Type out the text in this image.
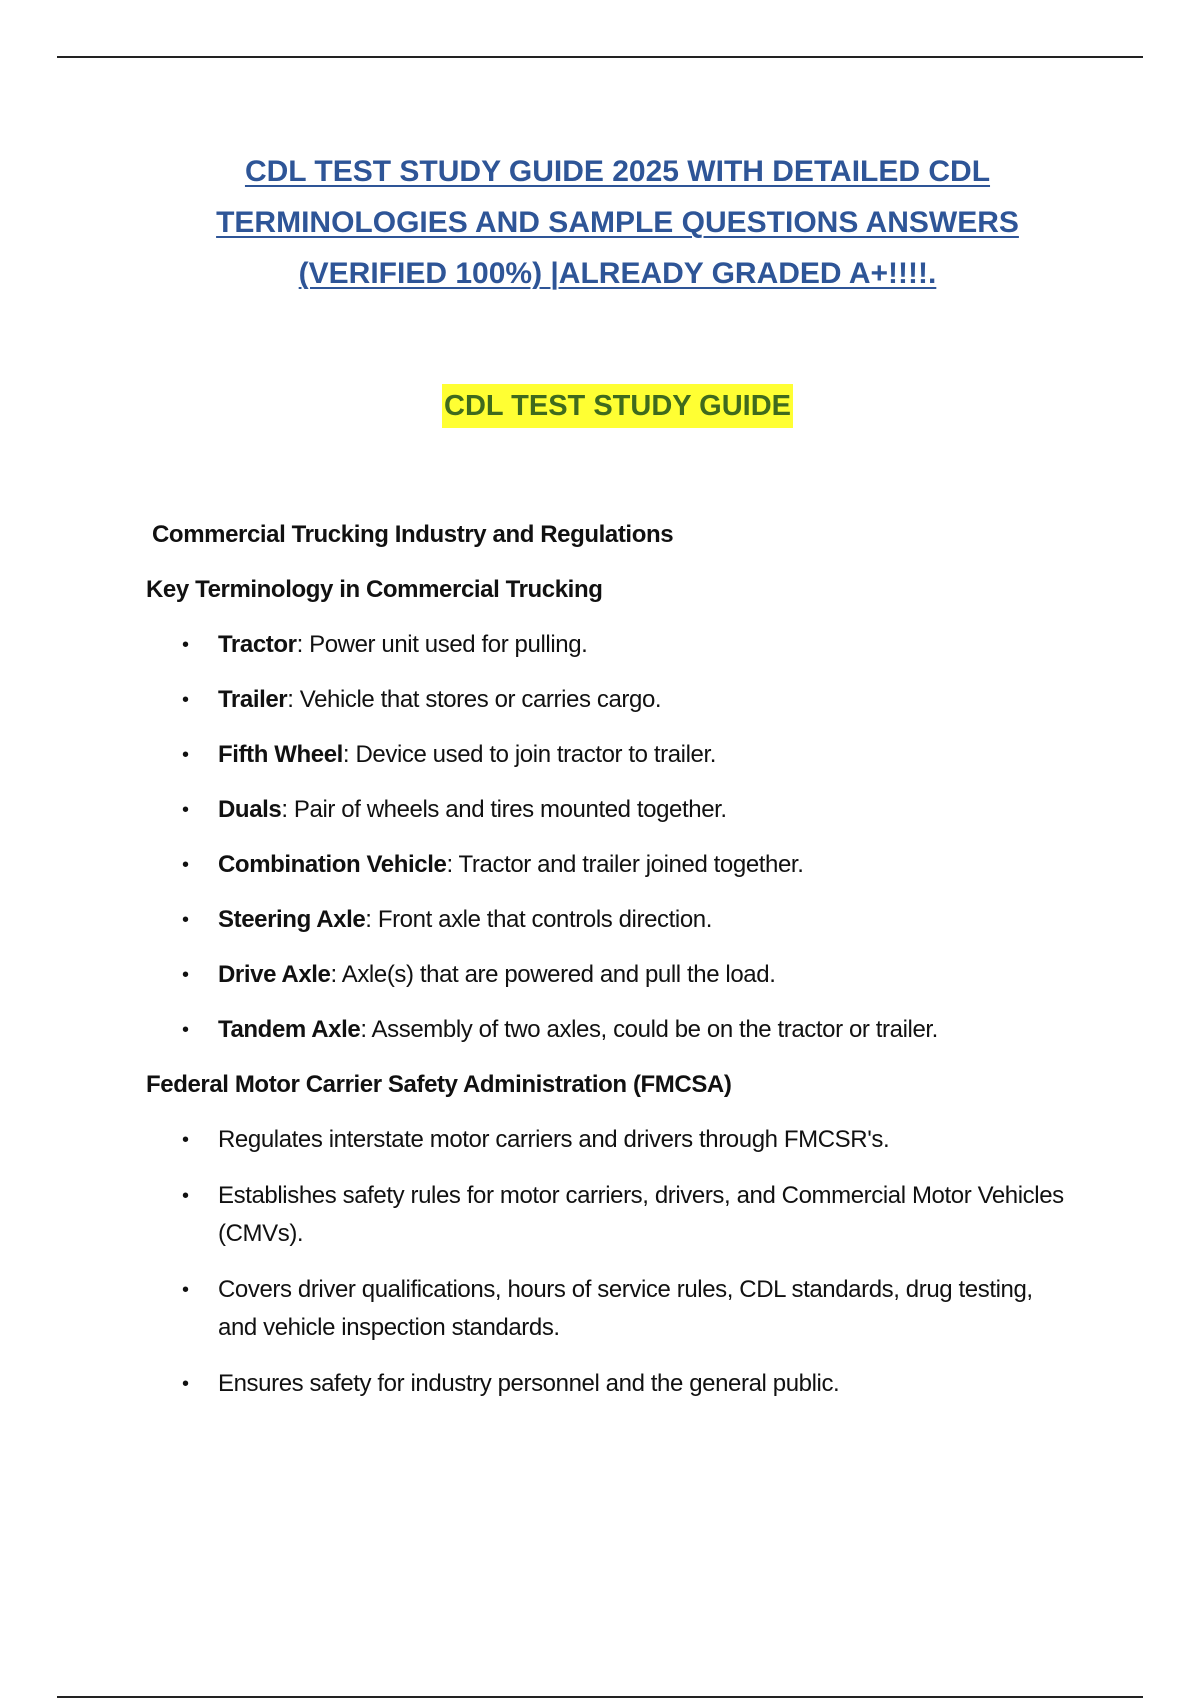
CDL TEST STUDY GUIDE 2025 WITH DETAILED CDL TERMINOLOGIES AND SAMPLE QUESTIONS ANSWERS (VERIFIED 100%) |ALREADY GRADED A+!!!!.
CDL TEST STUDY GUIDE
Commercial Trucking Industry and Regulations
Key Terminology in Commercial Trucking
• Tractor: Power unit used for pulling.
• Trailer: Vehicle that stores or carries cargo.
• Fifth Wheel: Device used to join tractor to trailer.
• Duals: Pair of wheels and tires mounted together.
• Combination Vehicle: Tractor and trailer joined together.
• Steering Axle: Front axle that controls direction.
• Drive Axle: Axle(s) that are powered and pull the load.
• Tandem Axle: Assembly of two axles, could be on the tractor or trailer.
Federal Motor Carrier Safety Administration (FMCSA)
• Regulates interstate motor carriers and drivers through FMCSR's.
• Establishes safety rules for motor carriers, drivers, and Commercial Motor Vehicles (CMVs).
• Covers driver qualifications, hours of service rules, CDL standards, drug testing, and vehicle inspection standards.
• Ensures safety for industry personnel and the general public.
